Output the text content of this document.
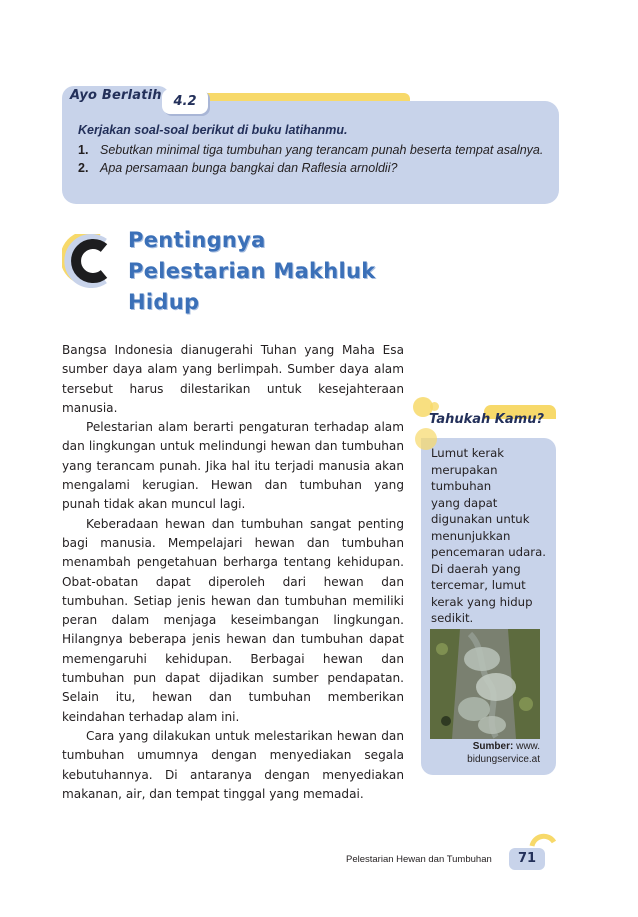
Ayo Berlatih 4.2
Kerjakan soal-soal berikut di buku latihanmu.
1. Sebutkan minimal tiga tumbuhan yang terancam punah beserta tempat asalnya.
2. Apa persamaan bunga bangkai dan Raflesia arnoldii?
Pentingnya
Pelestarian Makhluk
Hidup

Bangsa Indonesia dianugerahi Tuhan yang Maha Esa sumber daya alam yang berlimpah. Sumber daya alam tersebut harus dilestarikan untuk kesejahteraan manusia.

Pelestarian alam berarti pengaturan terhadap alam dan lingkungan untuk melindungi hewan dan tumbuhan yang terancam punah. Jika hal itu terjadi manusia akan mengalami kerugian. Hewan dan tumbuhan yang punah tidak akan muncul lagi.

Keberadaan hewan dan tumbuhan sangat penting bagi manusia. Mempelajari hewan dan tumbuhan menambah pengetahuan berharga tentang kehidupan. Obat-obatan dapat diperoleh dari hewan dan tumbuhan. Setiap jenis hewan dan tumbuhan memiliki peran dalam menjaga keseimbangan lingkungan. Hilangnya beberapa jenis hewan dan tumbuhan dapat memengaruhi kehidupan. Berbagai hewan dan tumbuhan pun dapat dijadikan sumber pendapatan. Selain itu, hewan dan tumbuhan memberikan keindahan terhadap alam ini.

Cara yang dilakukan untuk melestarikan hewan dan tumbuhan umumnya dengan menyediakan segala kebutuhannya. Di antaranya dengan menyediakan makanan, air, dan tempat tinggal yang memadai.

Tahukah Kamu?
Lumut kerak
merupakan
tumbuhan
yang dapat
digunakan untuk
menunjukkan
pencemaran udara.
Di daerah yang
tercemar, lumut
kerak yang hidup
sedikit.
Sumber: www.
bidungservice.at
Pelestarian Hewan dan Tumbuhan	71
